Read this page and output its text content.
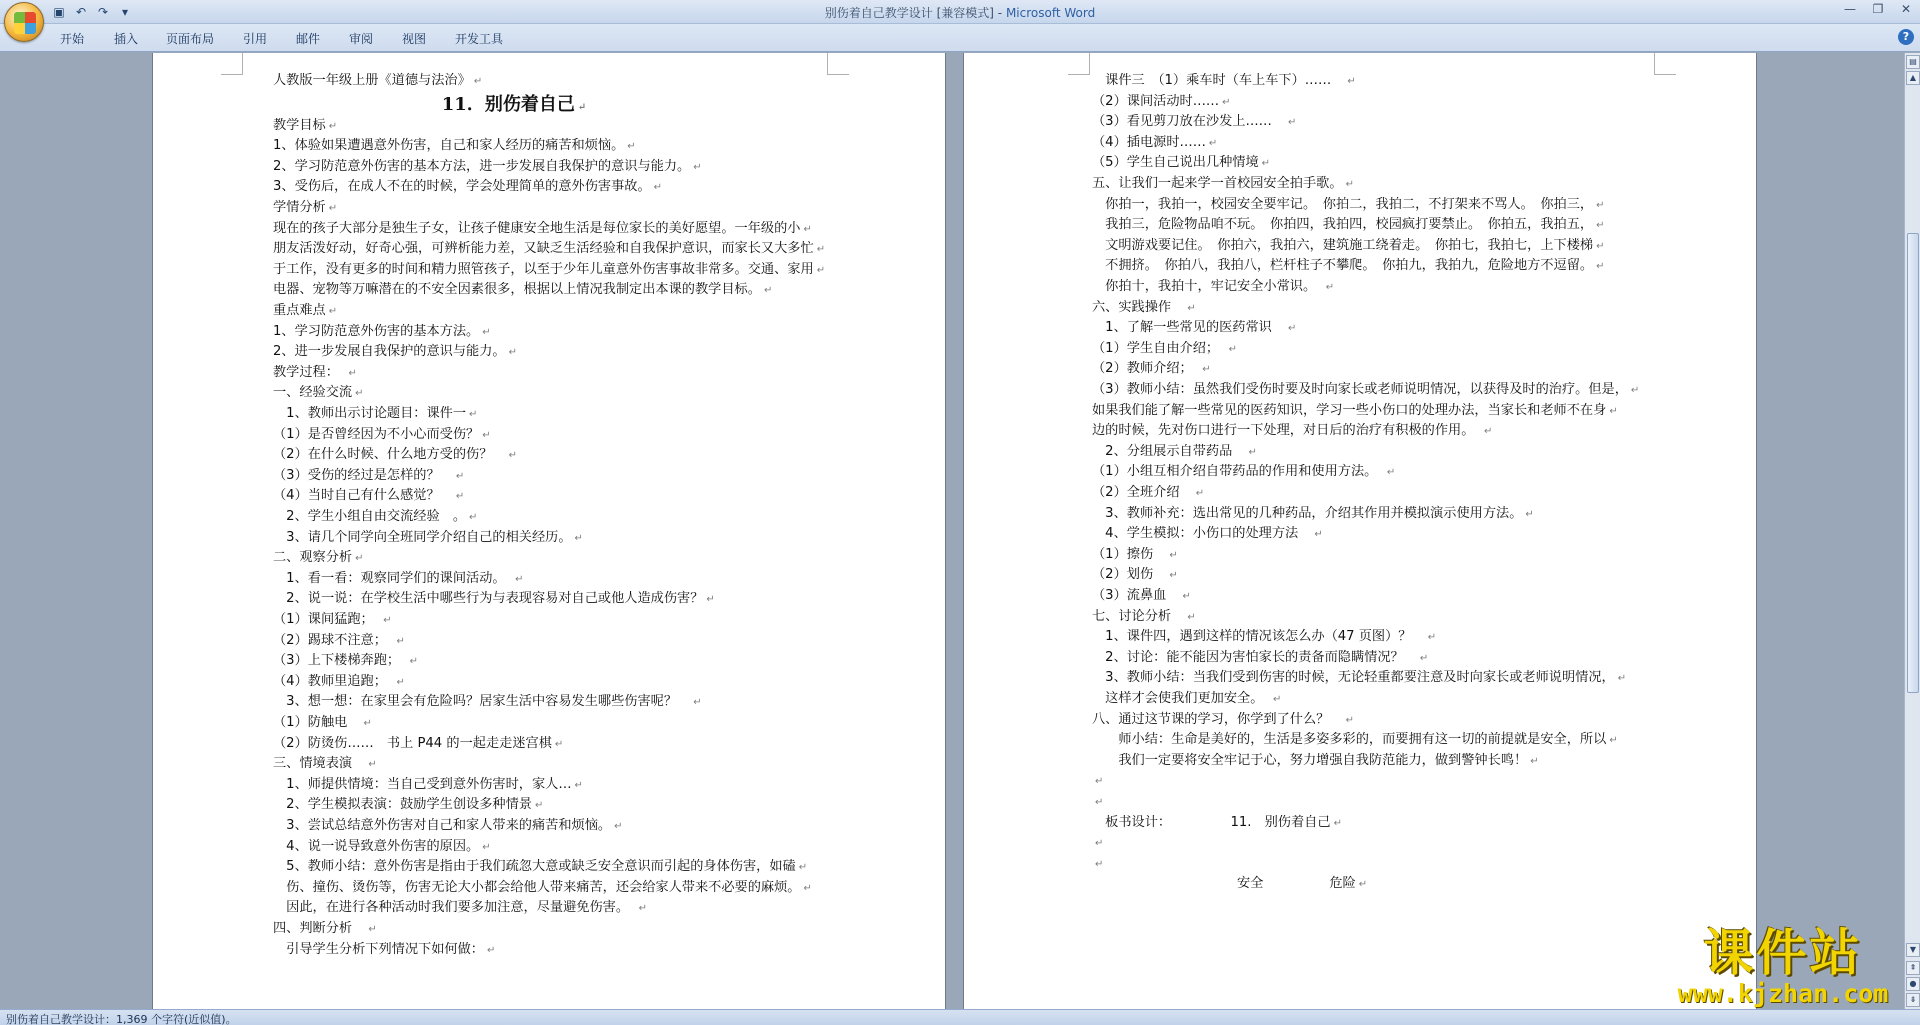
▣ ↶ ↷	▾	别伤着自己教学设计 [兼容模式] - Microsoft Word	— ❐ ✕
开始 插入 页面布局 引用 邮件 审阅 视图 开发工具	?
人教版一年级上册《道德与法治》 ↵
11．别伤着自己 ↵
教学目标 ↵
1、体验如果遭遇意外伤害，自己和家人经历的痛苦和烦恼。 ↵
2、学习防范意外伤害的基本方法，进一步发展自我保护的意识与能力。 ↵
3、受伤后，在成人不在的时候，学会处理简单的意外伤害事故。 ↵
学情分析 ↵
现在的孩子大部分是独生子女，让孩子健康安全地生活是每位家长的美好愿望。一年级的小 ↵
朋友活泼好动，好奇心强，可辨析能力差，又缺乏生活经验和自我保护意识，而家长又大多忙 ↵
于工作，没有更多的时间和精力照管孩子，以至于少年儿童意外伤害事故非常多。交通、家用 ↵
电器、宠物等万嘛潜在的不安全因素很多，根据以上情况我制定出本课的教学目标。 ↵
重点难点 ↵
1、学习防范意外伤害的基本方法。 ↵
2、进一步发展自我保护的意识与能力。 ↵
教学过程：　↵
一、经验交流 ↵
　1、教师出示讨论题目：课件一 ↵
（1）是否曾经因为不小心而受伤？ ↵
（2）在什么时候、什么地方受的伤？　↵
（3）受伤的经过是怎样的？　↵
（4）当时自己有什么感觉？　↵
　2、学生小组自由交流经验　。 ↵
　3、请几个同学向全班同学介绍自己的相关经历。 ↵
二、观察分析 ↵
　1、看一看：观察同学们的课间活动。　↵
　2、说一说：在学校生活中哪些行为与表现容易对自己或他人造成伤害？ ↵
（1）课间猛跑；　↵
（2）踢球不注意；　↵
（3）上下楼梯奔跑；　↵
（4）教师里追跑；　↵
　3、想一想：在家里会有危险吗？居家生活中容易发生哪些伤害呢？　↵
（1）防触电　↵
（2）防烫伤……　书上 P44 的一起走走迷宫棋 ↵
三、情境表演　↵
　1、师提供情境：当自己受到意外伤害时，家人… ↵
　2、学生模拟表演：鼓励学生创设多种情景 ↵
　3、尝试总结意外伤害对自己和家人带来的痛苦和烦恼。 ↵
　4、说一说导致意外伤害的原因。 ↵
　5、教师小结：意外伤害是指由于我们疏忽大意或缺乏安全意识而引起的身体伤害，如磕 ↵
　伤、撞伤、烫伤等，伤害无论大小都会给他人带来痛苦，还会给家人带来不必要的麻烦。 ↵
　因此，在进行各种活动时我们要多加注意，尽量避免伤害。　↵
四、判断分析　↵
　引导学生分析下列情况下如何做： ↵
　课件三　（1）乘车时（车上车下）……　↵
（2）课间活动时…… ↵
（3）看见剪刀放在沙发上……　↵
（4）插电源时…… ↵
（5）学生自己说出几种情境 ↵
五、让我们一起来学一首校园安全拍手歌。 ↵
　你拍一，我拍一，校园安全要牢记。　你拍二，我拍二，不打架来不骂人。　你拍三， ↵
　我拍三，危险物品咱不玩。　你拍四，我拍四，校园疯打要禁止。　你拍五，我拍五， ↵
　文明游戏要记住。　你拍六，我拍六，建筑施工绕着走。　你拍七，我拍七，上下楼梯 ↵
　不拥挤。　你拍八，我拍八，栏杆柱子不攀爬。　你拍九，我拍九，危险地方不逗留。 ↵
　你拍十，我拍十，牢记安全小常识。　↵
六、实践操作　↵
　1、了解一些常见的医药常识　↵
（1）学生自由介绍；　↵
（2）教师介绍；　↵
（3）教师小结：虽然我们受伤时要及时向家长或老师说明情况，以获得及时的治疗。但是， ↵
如果我们能了解一些常见的医药知识，学习一些小伤口的处理办法，当家长和老师不在身 ↵
边的时候，先对伤口进行一下处理，对日后的治疗有积极的作用。　↵
　2、分组展示自带药品　↵
（1）小组互相介绍自带药品的作用和使用方法。　↵
（2）全班介绍　↵
　3、教师补充：选出常见的几种药品，介绍其作用并模拟演示使用方法。 ↵
　4、学生模拟：小伤口的处理方法　↵
（1）擦伤　↵
（2）划伤　↵
（3）流鼻血　↵
七、讨论分析　↵
　1、课件四，遇到这样的情况该怎么办（47 页图）？　↵
　2、讨论：能不能因为害怕家长的责备而隐瞒情况？　↵
　3、教师小结：当我们受到伤害的时候，无论轻重都要注意及时向家长或老师说明情况， ↵
　这样才会使我们更加安全。　↵
八、通过这节课的学习，你学到了什么？　↵
　　师小结：生命是美好的，生活是多姿多彩的，而要拥有这一切的前提就是安全，所以 ↵
　　我们一定要将安全牢记于心，努力增强自我防范能力，做到警钟长鸣！ ↵
↵
↵
　板书设计：　　　　　11.　别伤着自己 ↵
↵
↵
　　　　　　　　　　　安全　　　　　危险 ↵
▤
▲
▼
⇞
●
⇟
别伤着自己教学设计：1,369 个字符(近似值)。
课件站
www.kjzhan.com
